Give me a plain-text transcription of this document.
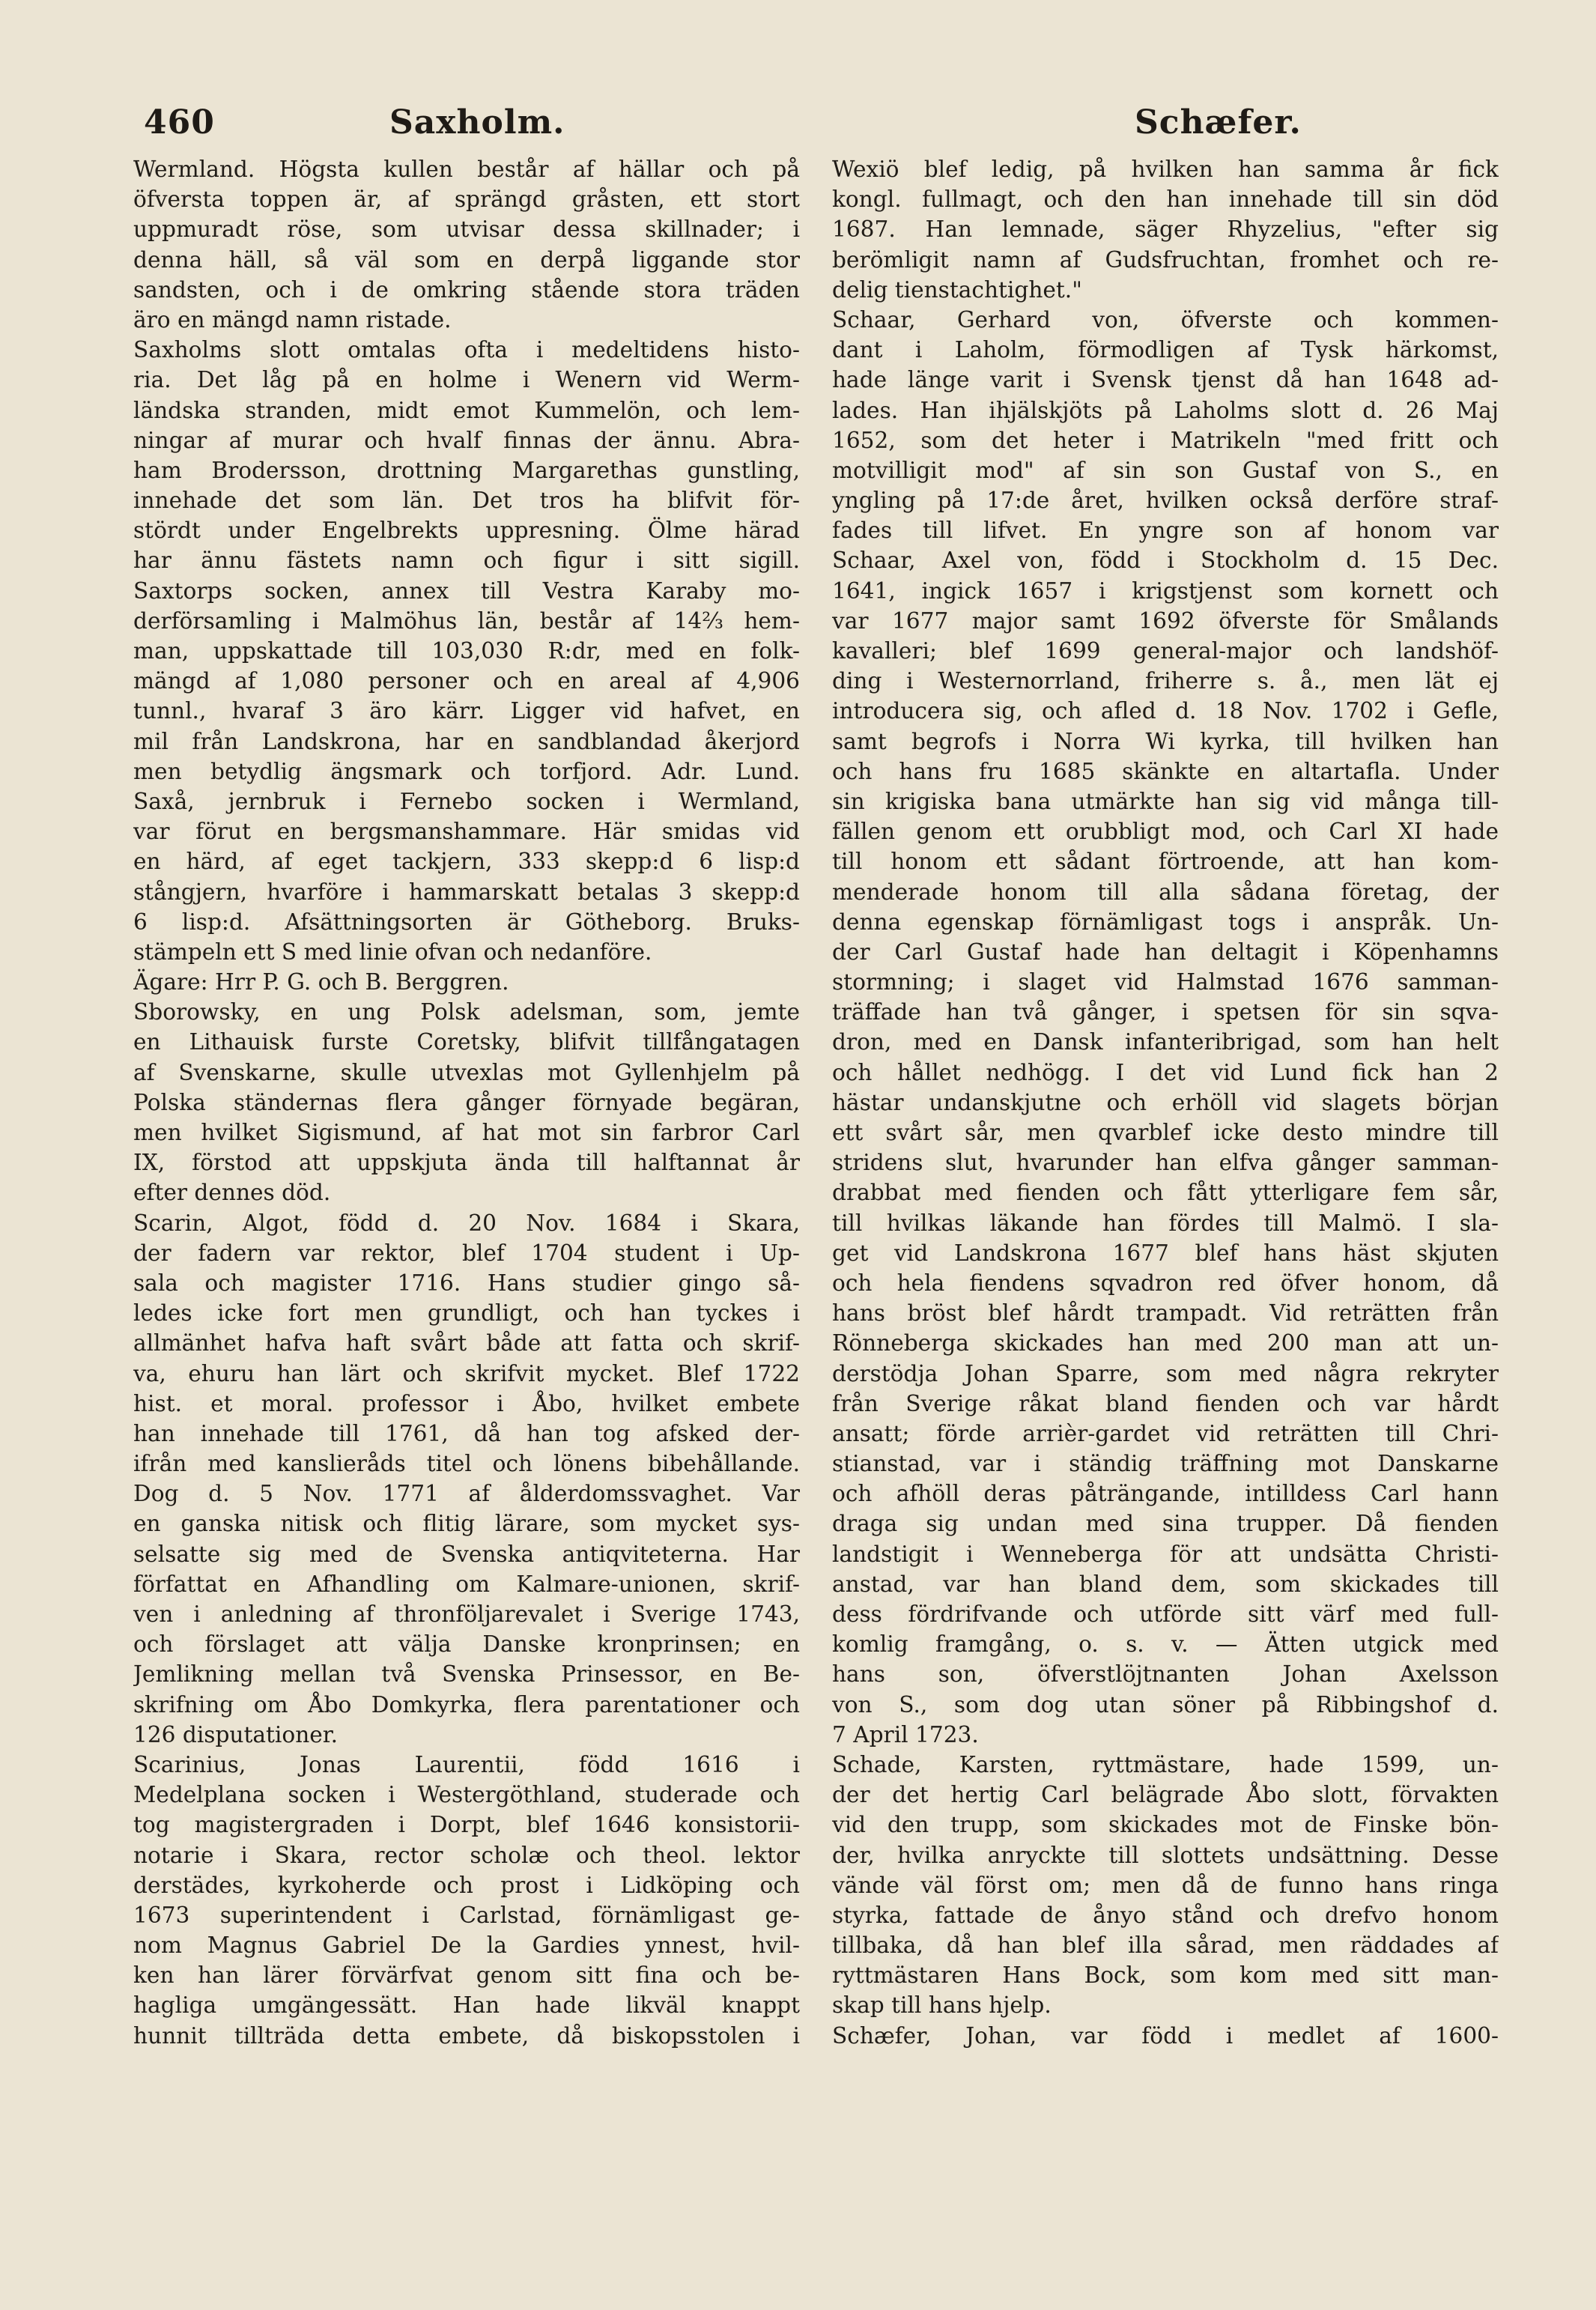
460	Saxholm.	Schæfer.
Wermland. Högsta kullen består af hällar och på
öfversta toppen är, af sprängd gråsten, ett stort
uppmuradt röse, som utvisar dessa skillnader; i
denna häll, så väl som en derpå liggande stor
sandsten, och i de omkring stående stora träden
äro en mängd namn ristade.
Saxholms slott omtalas ofta i medeltidens histo-
ria. Det låg på en holme i Wenern vid Werm-
ländska stranden, midt emot Kummelön, och lem-
ningar af murar och hvalf finnas der ännu. Abra-
ham Brodersson, drottning Margarethas gunstling,
innehade det som län. Det tros ha blifvit för-
stördt under Engelbrekts uppresning. Ölme härad
har ännu fästets namn och figur i sitt sigill.
Saxtorps socken, annex till Vestra Karaby mo-
derförsamling i Malmöhus län, består af 14⅔ hem-
man, uppskattade till 103,030 R:dr, med en folk-
mängd af 1,080 personer och en areal af 4,906
tunnl., hvaraf 3 äro kärr. Ligger vid hafvet, en
mil från Landskrona, har en sandblandad åkerjord
men betydlig ängsmark och torfjord. Adr. Lund.
Saxå, jernbruk i Fernebo socken i Wermland,
var förut en bergsmanshammare. Här smidas vid
en härd, af eget tackjern, 333 skepp:d 6 lisp:d
stångjern, hvarföre i hammarskatt betalas 3 skepp:d
6 lisp:d. Afsättningsorten är Götheborg. Bruks-
stämpeln ett S med linie ofvan och nedanföre.
Ägare: Hrr P. G. och B. Berggren.
Sborowsky, en ung Polsk adelsman, som, jemte
en Lithauisk furste Coretsky, blifvit tillfångatagen
af Svenskarne, skulle utvexlas mot Gyllenhjelm på
Polska ständernas flera gånger förnyade begäran,
men hvilket Sigismund, af hat mot sin farbror Carl
IX, förstod att uppskjuta ända till halftannat år
efter dennes död.
Scarin, Algot, född d. 20 Nov. 1684 i Skara,
der fadern var rektor, blef 1704 student i Up-
sala och magister 1716. Hans studier gingo så-
ledes icke fort men grundligt, och han tyckes i
allmänhet hafva haft svårt både att fatta och skrif-
va, ehuru han lärt och skrifvit mycket. Blef 1722
hist. et moral. professor i Åbo, hvilket embete
han innehade till 1761, då han tog afsked der-
ifrån med kanslieråds titel och lönens bibehållande.
Dog d. 5 Nov. 1771 af ålderdomssvaghet. Var
en ganska nitisk och flitig lärare, som mycket sys-
selsatte sig med de Svenska antiqviteterna. Har
författat en Afhandling om Kalmare-unionen, skrif-
ven i anledning af thronföljarevalet i Sverige 1743,
och förslaget att välja Danske kronprinsen; en
Jemlikning mellan två Svenska Prinsessor, en Be-
skrifning om Åbo Domkyrka, flera parentationer och
126 disputationer.
Scarinius, Jonas Laurentii, född 1616 i
Medelplana socken i Westergöthland, studerade och
tog magistergraden i Dorpt, blef 1646 konsistorii-
notarie i Skara, rector scholæ och theol. lektor
derstädes, kyrkoherde och prost i Lidköping och
1673 superintendent i Carlstad, förnämligast ge-
nom Magnus Gabriel De la Gardies ynnest, hvil-
ken han lärer förvärfvat genom sitt fina och be-
hagliga umgängessätt. Han hade likväl knappt
hunnit tillträda detta embete, då biskopsstolen i
Wexiö blef ledig, på hvilken han samma år fick
kongl. fullmagt, och den han innehade till sin död
1687. Han lemnade, säger Rhyzelius, "efter sig
berömligit namn af Gudsfruchtan, fromhet och re-
delig tienstachtighet."
Schaar, Gerhard von, öfverste och kommen-
dant i Laholm, förmodligen af Tysk härkomst,
hade länge varit i Svensk tjenst då han 1648 ad-
lades. Han ihjälskjöts på Laholms slott d. 26 Maj
1652, som det heter i Matrikeln "med fritt och
motvilligit mod" af sin son Gustaf von S., en
yngling på 17:de året, hvilken också derföre straf-
fades till lifvet. En yngre son af honom var
Schaar, Axel von, född i Stockholm d. 15 Dec.
1641, ingick 1657 i krigstjenst som kornett och
var 1677 major samt 1692 öfverste för Smålands
kavalleri; blef 1699 general-major och landshöf-
ding i Westernorrland, friherre s. å., men lät ej
introducera sig, och afled d. 18 Nov. 1702 i Gefle,
samt begrofs i Norra Wi kyrka, till hvilken han
och hans fru 1685 skänkte en altartafla. Under
sin krigiska bana utmärkte han sig vid många till-
fällen genom ett orubbligt mod, och Carl XI hade
till honom ett sådant förtroende, att han kom-
menderade honom till alla sådana företag, der
denna egenskap förnämligast togs i anspråk. Un-
der Carl Gustaf hade han deltagit i Köpenhamns
stormning; i slaget vid Halmstad 1676 samman-
träffade han två gånger, i spetsen för sin sqva-
dron, med en Dansk infanteribrigad, som han helt
och hållet nedhögg. I det vid Lund fick han 2
hästar undanskjutne och erhöll vid slagets början
ett svårt sår, men qvarblef icke desto mindre till
stridens slut, hvarunder han elfva gånger samman-
drabbat med fienden och fått ytterligare fem sår,
till hvilkas läkande han fördes till Malmö. I sla-
get vid Landskrona 1677 blef hans häst skjuten
och hela fiendens sqvadron red öfver honom, då
hans bröst blef hårdt trampadt. Vid reträtten från
Rönneberga skickades han med 200 man att un-
derstödja Johan Sparre, som med några rekryter
från Sverige råkat bland fienden och var hårdt
ansatt; förde arrièr-gardet vid reträtten till Chri-
stianstad, var i ständig träffning mot Danskarne
och afhöll deras påträngande, intilldess Carl hann
draga sig undan med sina trupper. Då fienden
landstigit i Wenneberga för att undsätta Christi-
anstad, var han bland dem, som skickades till
dess fördrifvande och utförde sitt värf med full-
komlig framgång, o. s. v. — Ätten utgick med
hans son, öfverstlöjtnanten Johan Axelsson
von S., som dog utan söner på Ribbingshof d.
7 April 1723.
Schade, Karsten, ryttmästare, hade 1599, un-
der det hertig Carl belägrade Åbo slott, förvakten
vid den trupp, som skickades mot de Finske bön-
der, hvilka anryckte till slottets undsättning. Desse
vände väl först om; men då de funno hans ringa
styrka, fattade de ånyo stånd och drefvo honom
tillbaka, då han blef illa sårad, men räddades af
ryttmästaren Hans Bock, som kom med sitt man-
skap till hans hjelp.
Schæfer, Johan, var född i medlet af 1600-
